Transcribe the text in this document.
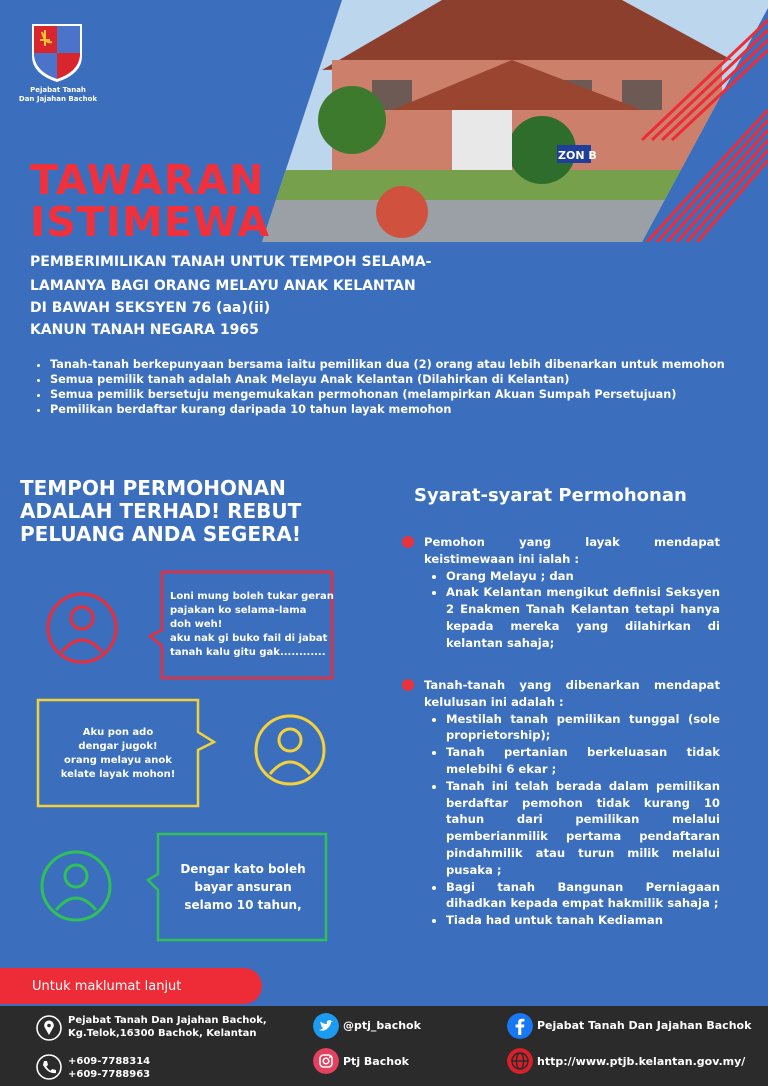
Pejabat Tanah
Dan Jajahan Bachok
ZON B
TAWARAN
ISTIMEWA
PEMBERIMILIKAN TANAH UNTUK TEMPOH SELAMA-
LAMANYA BAGI ORANG MELAYU ANAK KELANTAN
DI BAWAH SEKSYEN 76 (aa)(ii)
KANUN TANAH NEGARA 1965
• Tanah-tanah berkepunyaan bersama iaitu pemilikan dua (2) orang atau lebih dibenarkan untuk memohon
• Semua pemilik tanah adalah Anak Melayu Anak Kelantan (Dilahirkan di Kelantan)
• Semua pemilik bersetuju mengemukakan permohonan (melampirkan Akuan Sumpah Persetujuan)
• Pemilikan berdaftar kurang daripada 10 tahun layak memohon
TEMPOH PERMOHONAN
ADALAH TERHAD! REBUT
PELUANG ANDA SEGERA!
Loni mung boleh tukar geran
pajakan ko selama-lama
doh weh!
aku nak gi buko fail di jabat
tanah kalu gitu gak............
Aku pon ado
dengar jugok!
orang melayu anok
kelate layak mohon!
Dengar kato boleh
bayar ansuran
selamo 10 tahun,
Syarat-syarat Permohonan
Pemohon yang layak mendapat keistimewaan ini ialah :
• Orang Melayu ; dan
• Anak Kelantan mengikut definisi Seksyen 2 Enakmen Tanah Kelantan tetapi hanya kepada mereka yang dilahirkan di kelantan sahaja;
Tanah-tanah yang dibenarkan mendapat kelulusan ini adalah :
• Mestilah tanah pemilikan tunggal (sole proprietorship);
• Tanah pertanian berkeluasan tidak melebihi 6 ekar ;
• Tanah ini telah berada dalam pemilikan berdaftar pemohon tidak kurang 10 tahun dari pemilikan melalui pemberianmilik pertama pendaftaran pindahmilik atau turun milik melalui pusaka ;
• Bagi tanah Bangunan Perniagaan dihadkan kepada empat hakmilik sahaja ;
• Tiada had untuk tanah Kediaman
Untuk maklumat lanjut
Pejabat Tanah Dan Jajahan Bachok,
Kg.Telok,16300 Bachok, Kelantan
+609-7788314
+609-7788963
@ptj_bachok
Ptj Bachok
Pejabat Tanah Dan Jajahan Bachok
http://www.ptjb.kelantan.gov.my/
